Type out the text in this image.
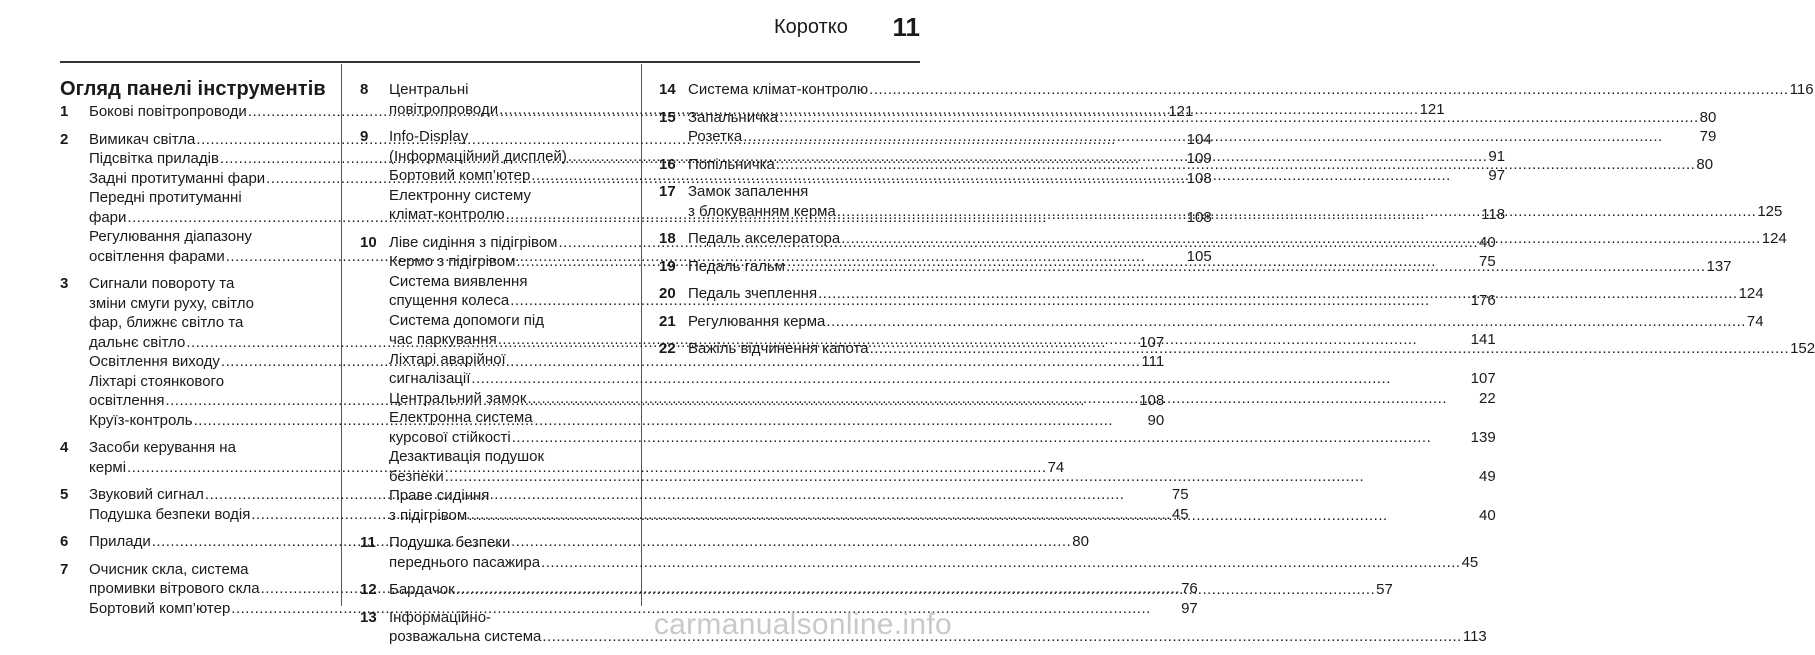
Коротко	11
Огляд панелі інструментів
1	Бокові повітропроводи .....	121
2	Вимикач світла .....	104
Підсвітка приладів .....	109
Задні протитуманні фари .....	108
Передні протитуманні
фари .....	108
Регулювання діапазону
освітлення фарами .....	105
3	Сигнали повороту та
зміни смуги руху, світло
фар, ближнє світло та
дальнє світло .....	107
Освітлення виходу .....	111
Ліхтарі стоянкового
освітлення .....	108
Круїз-контроль .....	90
4	Засоби керування на
кермі .....	74
5	Звуковий сигнал .....	75
Подушка безпеки водія .....	45
6	Прилади .....	80
7	Очисник скла, система
промивки вітрового скла .....	76
Бортовий комп’ютер .....	97
8	Центральні
повітропроводи .....	121
9	Info-Display
(Інформаційний дисплей) .....	91
Бортовий комп’ютер .....	97
Електронну систему
клімат-контролю .....	118
10 Ліве сидіння з підігрівом .....	40
Кермо з підігрівом .....	75
Система виявлення
спущення колеса .....	176
Система допомоги під
час паркування .....	141
Ліхтарі аварійної
сигналізації .....	107
Центральний замок .....	22
Електронна система
курсової стійкості .....	139
Дезактивація подушок
безпеки .....	49
Праве сидіння
з підігрівом .....	40
11 Подушка безпеки
переднього пасажира .....	45
12 Бардачок .....	57
13 Інформаційно-
розважальна система .....	113
14 Система клімат-контролю .....	116
15 Запальничка .....	80
Розетка .....	79
16 Попільничка .....	80
17 Замок запалення
з блокуванням керма .....	125
18 Педаль акселератора .....	124
19 Педаль гальм .....	137
20 Педаль зчеплення .....	124
21 Регулювання керма .....	74
22 Важіль відчинення капота .....	152
carmanualsonline.info
